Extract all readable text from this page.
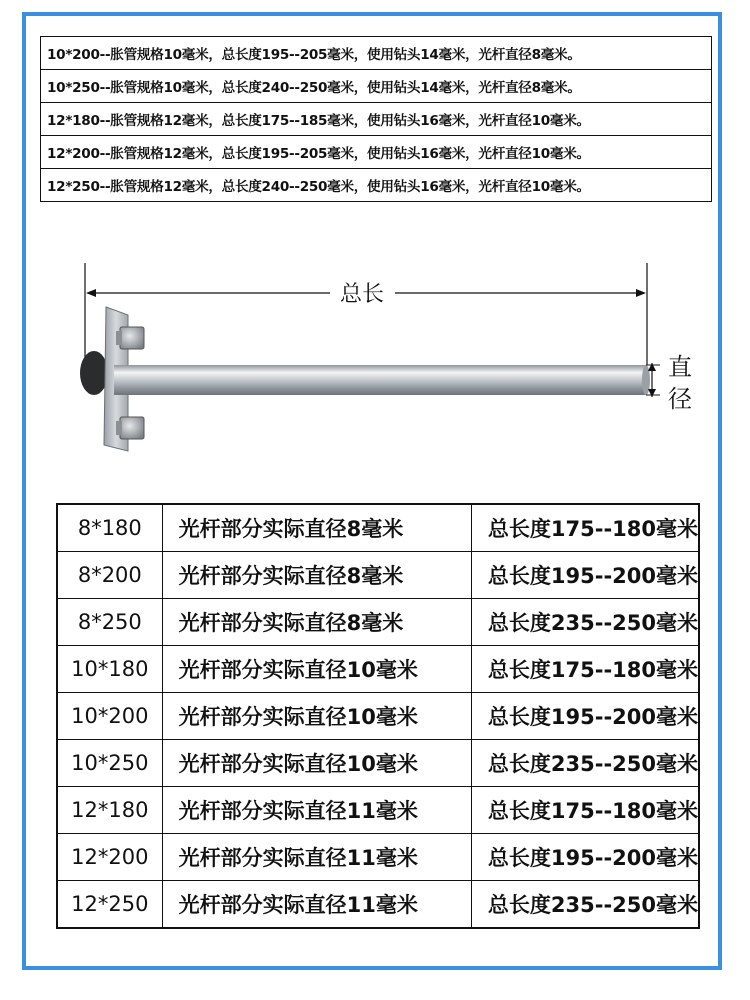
10*200--胀管规格10毫米，总长度195--205毫米，使用钻头14毫米，光杆直径8毫米。
10*250--胀管规格10毫米，总长度240--250毫米，使用钻头14毫米，光杆直径8毫米。
12*180--胀管规格12毫米，总长度175--185毫米，使用钻头16毫米，光杆直径10毫米。
12*200--胀管规格12毫米，总长度195--205毫米，使用钻头16毫米，光杆直径10毫米。
12*250--胀管规格12毫米，总长度240--250毫米，使用钻头16毫米，光杆直径10毫米。
总长
直
径
8*180	光杆部分实际直径8毫米	总长度175--180毫米
8*200	光杆部分实际直径8毫米	总长度195--200毫米
8*250	光杆部分实际直径8毫米	总长度235--250毫米
10*180	光杆部分实际直径10毫米	总长度175--180毫米
10*200	光杆部分实际直径10毫米	总长度195--200毫米
10*250	光杆部分实际直径10毫米	总长度235--250毫米
12*180	光杆部分实际直径11毫米	总长度175--180毫米
12*200	光杆部分实际直径11毫米	总长度195--200毫米
12*250	光杆部分实际直径11毫米	总长度235--250毫米
